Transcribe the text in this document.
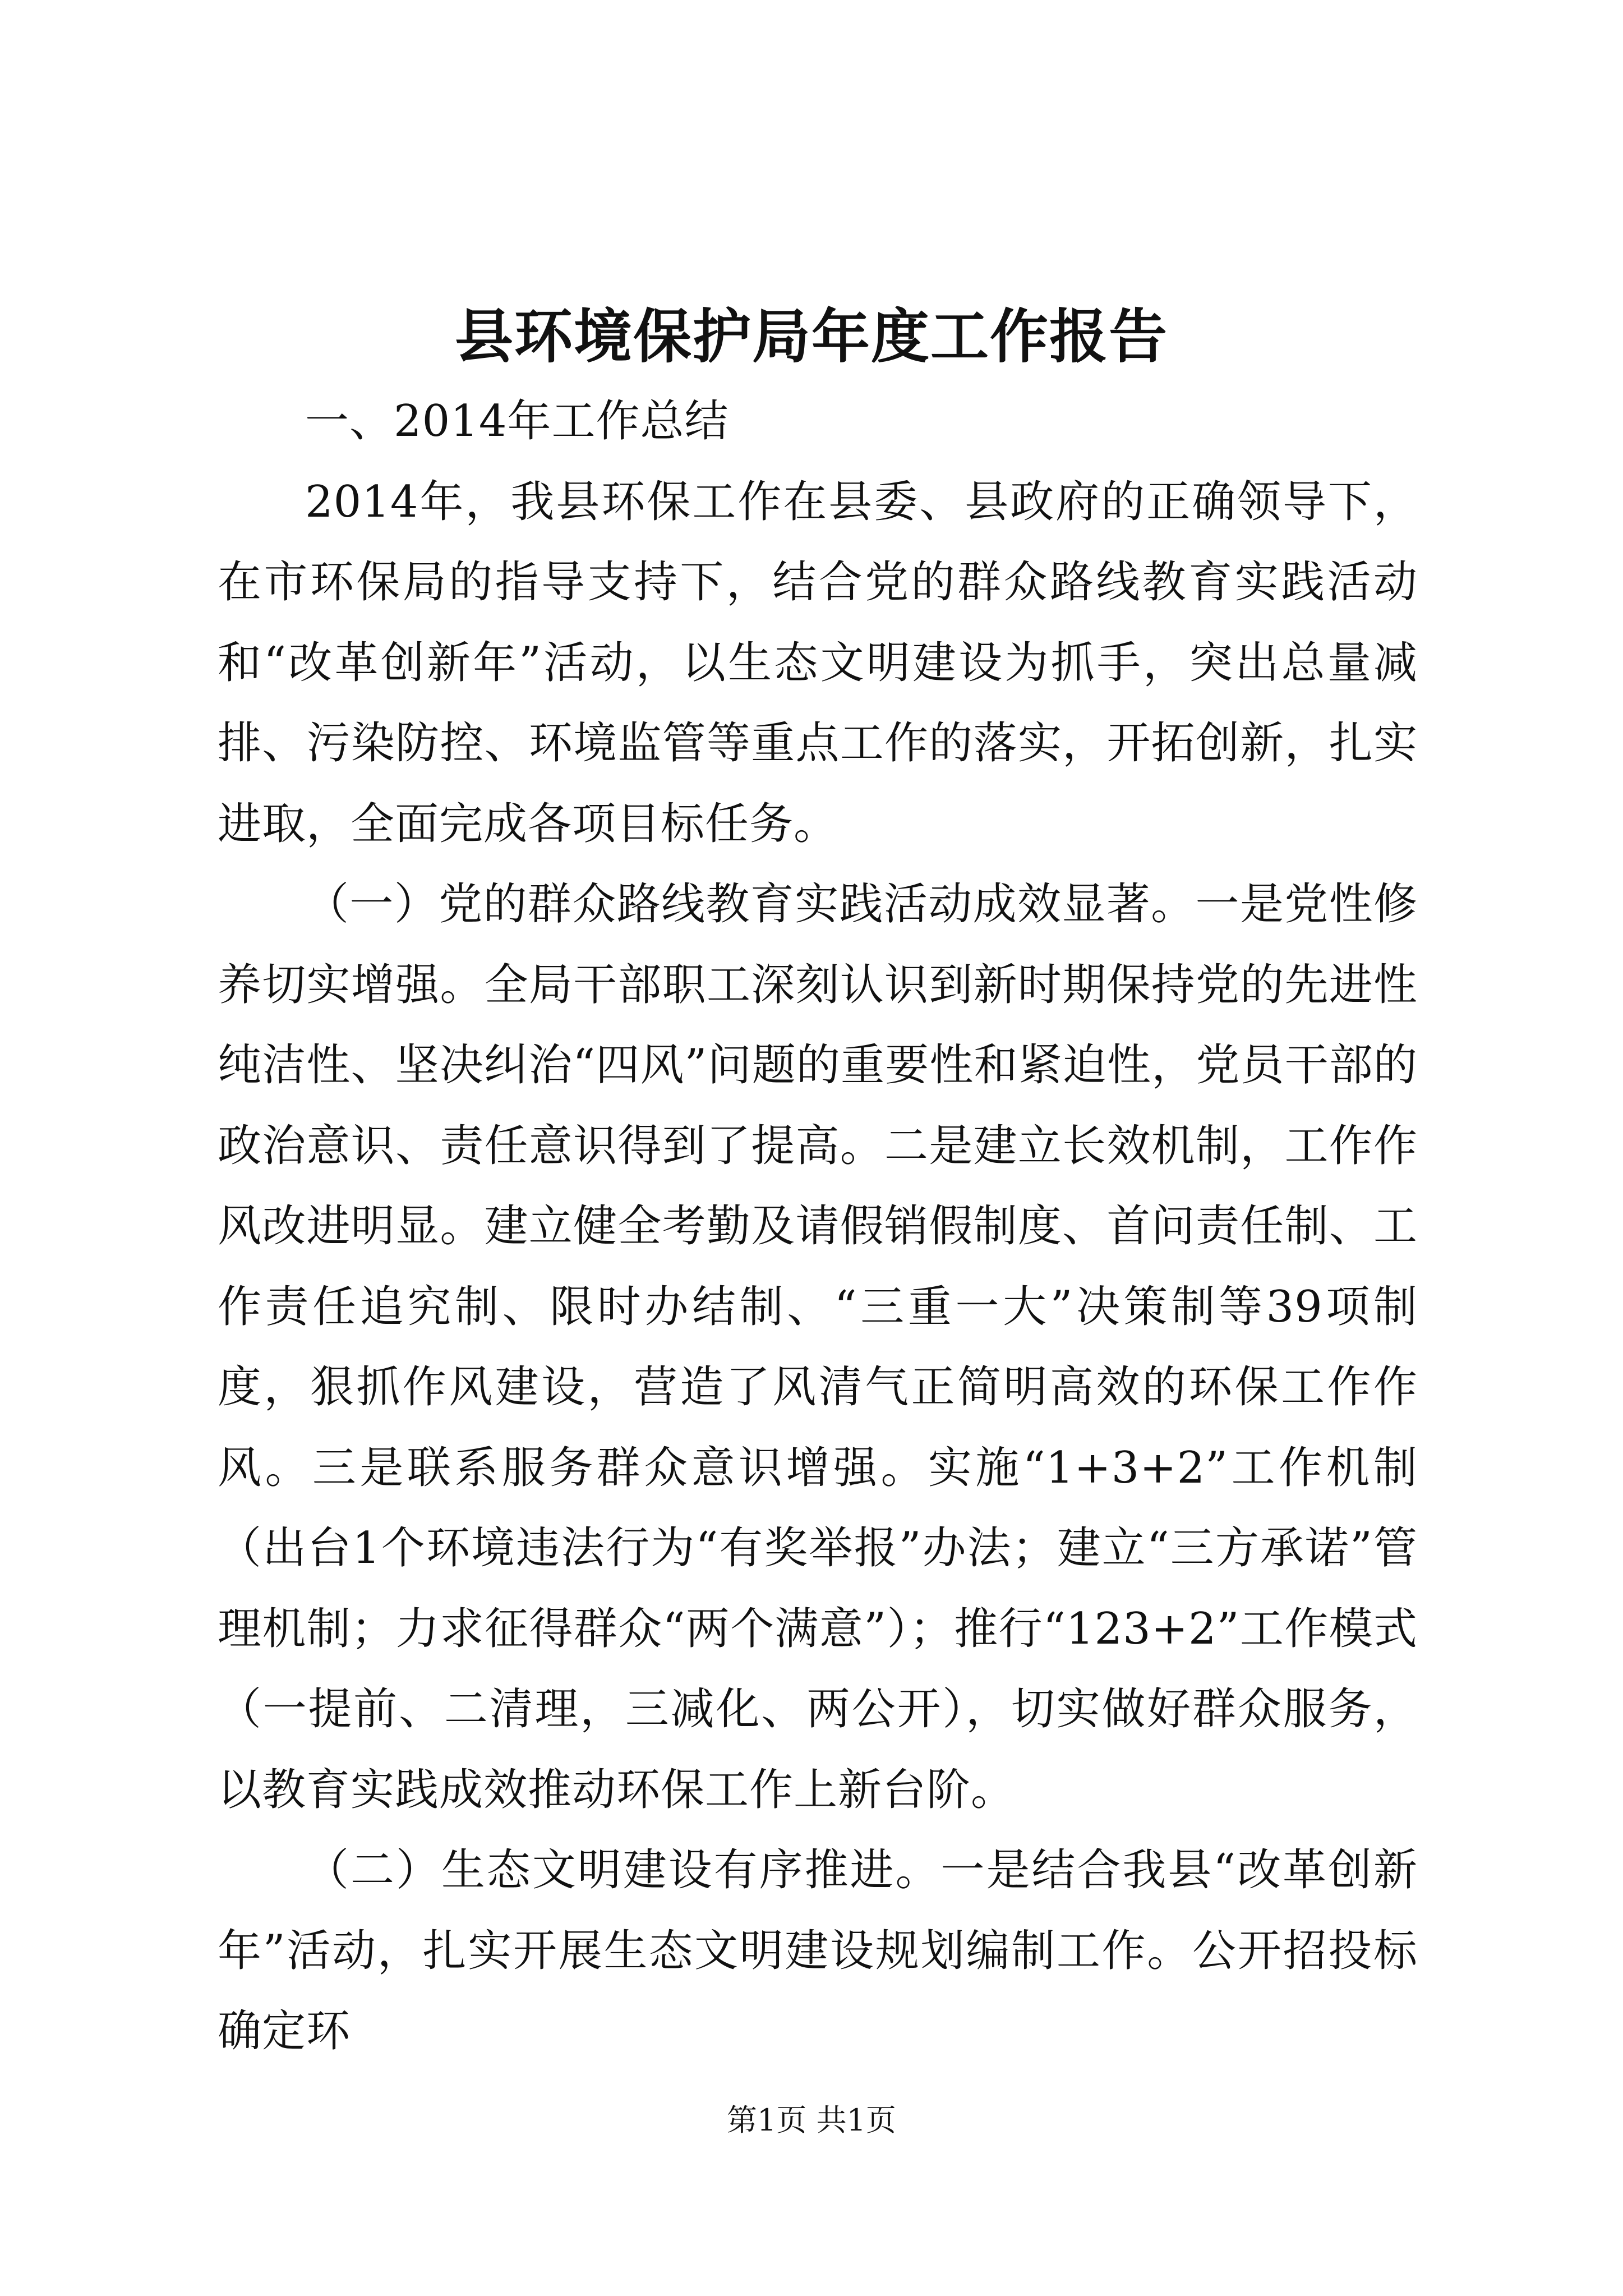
县环境保护局年度工作报告

一、2014年工作总结

2014年，我县环保工作在县委、县政府的正确领导下，在市环保局的指导支持下，结合党的群众路线教育实践活动和“改革创新年”活动，以生态文明建设为抓手，突出总量减排、污染防控、环境监管等重点工作的落实，开拓创新，扎实进取，全面完成各项目标任务。

（一）党的群众路线教育实践活动成效显著。一是党性修养切实增强。全局干部职工深刻认识到新时期保持党的先进性纯洁性、坚决纠治“四风”问题的重要性和紧迫性，党员干部的政治意识、责任意识得到了提高。二是建立长效机制，工作作风改进明显。建立健全考勤及请假销假制度、首问责任制、工作责任追究制、限时办结制、“三重一大”决策制等39项制度，狠抓作风建设，营造了风清气正简明高效的环保工作作风。三是联系服务群众意识增强。实施“1+3+2”工作机制（出台1个环境违法行为“有奖举报”办法；建立“三方承诺”管理机制；力求征得群众“两个满意”）；推行“123+2”工作模式（一提前、二清理，三减化、两公开），切实做好群众服务，以教育实践成效推动环保工作上新台阶。

（二）生态文明建设有序推进。一是结合我县“改革创新年”活动，扎实开展生态文明建设规划编制工作。公开招投标确定环

第1页 共1页
